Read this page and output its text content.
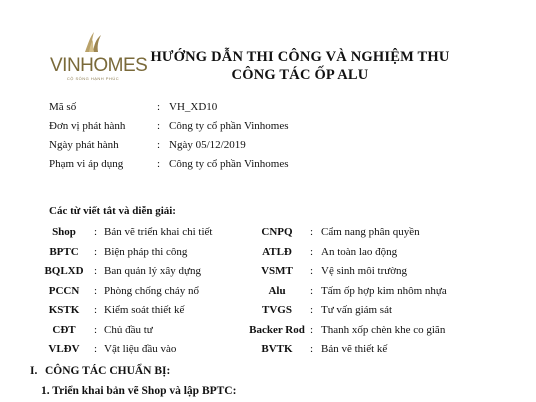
VINHOMES
CỘ SỐNG HẠNH PHÚC
HƯỚNG DẪN THI CÔNG VÀ NGHIỆM THU
CÔNG TÁC ỐP ALU
Mã số	: VH_XD10
Đơn vị phát hành	: Công ty cổ phần Vinhomes
Ngày phát hành	: Ngày 05/12/2019
Phạm vi áp dụng	: Công ty cổ phần Vinhomes
Các từ viết tắt và diễn giải:
Shop	: Bản vẽ triển khai chi tiết	CNPQ	: Cẩm nang phân quyền
BPTC	: Biện pháp thi công	ATLĐ	: An toàn lao động
BQLXD : Ban quản lý xây dựng	VSMT	: Vệ sinh môi trường
PCCN	: Phòng chống cháy nổ	Alu	: Tấm ốp hợp kim nhôm nhựa
KSTK	: Kiểm soát thiết kế	TVGS	: Tư vấn giám sát
CĐT	: Chủ đầu tư	Backer Rod : Thanh xốp chèn khe co giãn
VLĐV	: Vật liệu đầu vào	BVTK	: Bản vẽ thiết kế
I. CÔNG TÁC CHUẨN BỊ:
1. Triển khai bản vẽ Shop và lập BPTC:
